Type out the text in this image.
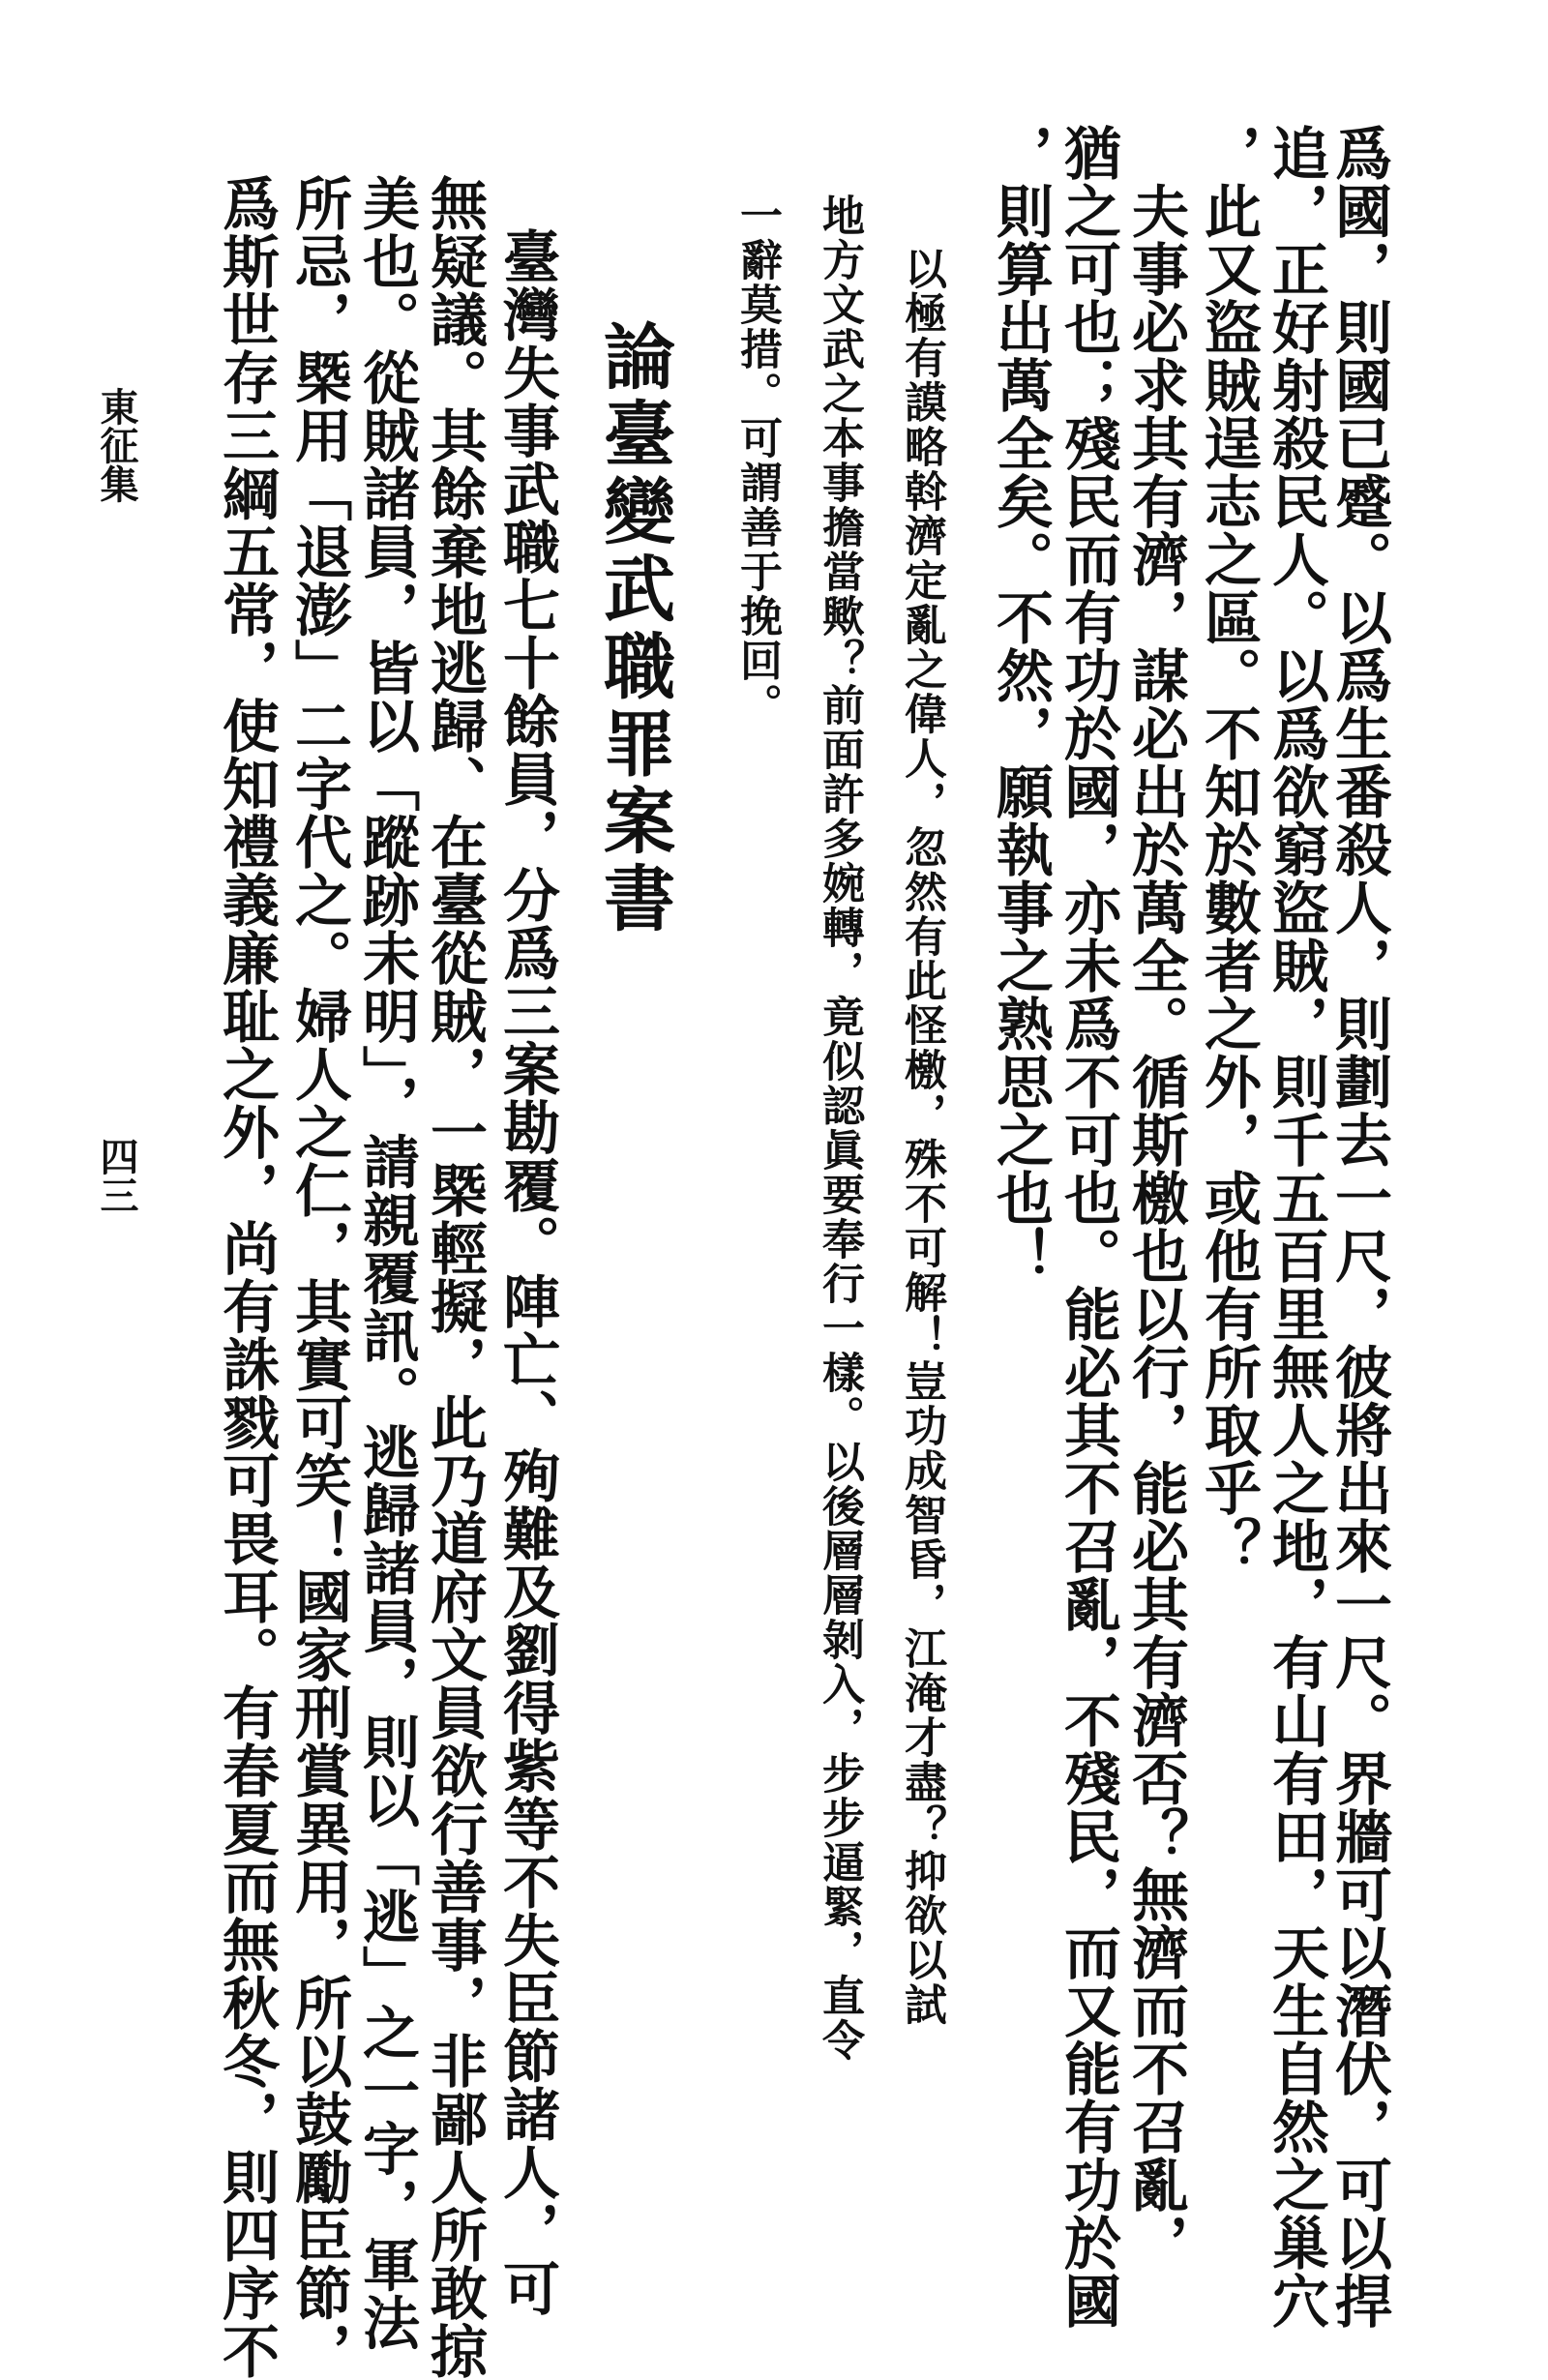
爲國，則國已蹙。以爲生番殺人，則劃去一尺，彼將出來一尺。界牆可以潛伏，可以捍
追，正好射殺民人。以爲欲窮盜賊，則千五百里無人之地，有山有田，天生自然之巢穴
，此又盜賊逞志之區。不知於數者之外，或他有所取乎？
夫事必求其有濟，謀必出於萬全。循斯檄也以行，能必其有濟否？無濟而不召亂，
猶之可也；殘民而有功於國，亦未爲不可也。能必其不召亂，不殘民，而又能有功於國
，則算出萬全矣。不然，願執事之熟思之也！
以極有謨略斡濟定亂之偉人，忽然有此怪檄，殊不可解！豈功成智昏，江淹才盡？抑欲以試
地方文武之本事擔當歟？前面許多婉轉，竟似認眞要奉行一樣。以後層層剝入，步步逼緊，直令
一辭莫措。可謂善于挽回。
論臺變武職罪案書
臺灣失事武職七十餘員，分爲三案勘覆。陣亡、殉難及劉得紫等不失臣節諸人，可
無疑議。其餘棄地逃歸、在臺從賊，一槩輕擬，此乃道府文員欲行善事，非鄙人所敢掠
美也。從賊諸員，皆以「蹤跡未明」，請親覆訊。逃歸諸員，則以「逃」之一字，軍法
所忌，槩用「退澎」二字代之。婦人之仁，其實可笑！國家刑賞異用，所以鼓勵臣節，
爲斯世存三綱五常，使知禮義廉耻之外，尚有誅戮可畏耳。有春夏而無秋冬，則四序不
東征集
四三
